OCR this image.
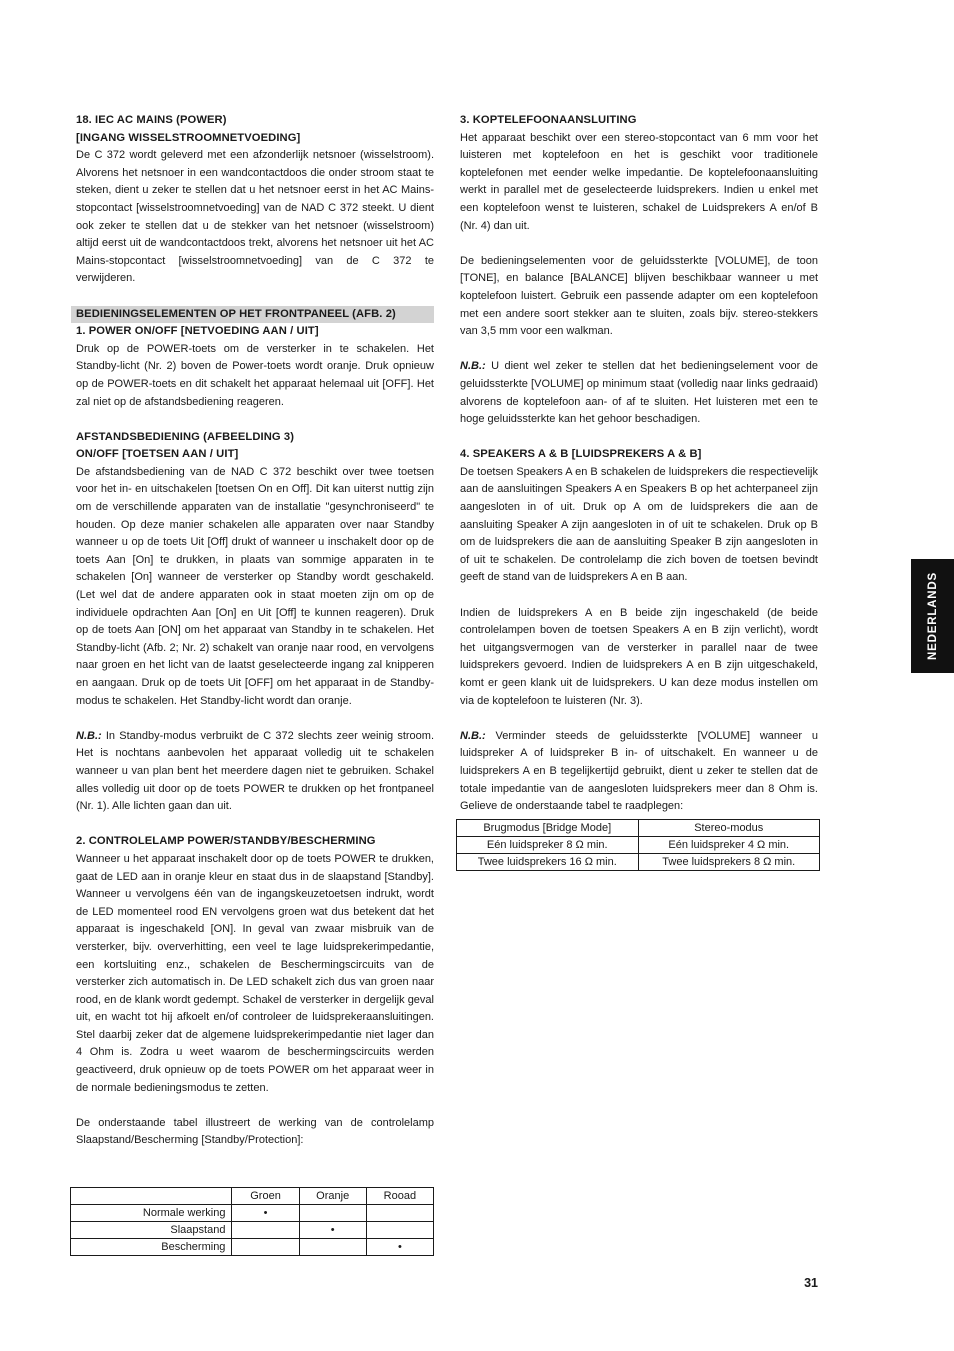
18. IEC AC MAINS (POWER)
[INGANG WISSELSTROOMNETVOEDING]

De C 372 wordt geleverd met een afzonderlijk netsnoer (wisselstroom). Alvorens het netsnoer in een wandcontactdoos die onder stroom staat te steken, dient u zeker te stellen dat u het netsnoer eerst in het AC Mains-stopcontact [wisselstroomnetvoeding] van de NAD C 372 steekt. U dient ook zeker te stellen dat u de stekker van het netsnoer (wisselstroom) altijd eerst uit de wandcontactdoos trekt, alvorens het netsnoer uit het AC Mains-stopcontact [wisselstroomnetvoeding] van de C 372 te verwijderen.

BEDIENINGSELEMENTEN OP HET FRONTPANEEL (AFB. 2)
1. POWER ON/OFF [NETVOEDING AAN / UIT]

Druk op de POWER-toets om de versterker in te schakelen. Het Standby-licht (Nr. 2) boven de Power-toets wordt oranje. Druk opnieuw op de POWER-toets en dit schakelt het apparaat helemaal uit [OFF]. Het zal niet op de afstandsbediening reageren.

AFSTANDSBEDIENING (AFBEELDING 3)
ON/OFF [TOETSEN AAN / UIT]

De afstandsbediening van de NAD C 372 beschikt over twee toetsen voor het in- en uitschakelen [toetsen On en Off]. Dit kan uiterst nuttig zijn om de verschillende apparaten van de installatie "gesynchroniseerd" te houden. Op deze manier schakelen alle apparaten over naar Standby wanneer u op de toets Uit [Off] drukt of wanneer u inschakelt door op de toets Aan [On] te drukken, in plaats van sommige apparaten in te schakelen [On] wanneer de versterker op Standby wordt geschakeld. (Let wel dat de andere apparaten ook in staat moeten zijn om op de individuele opdrachten Aan [On] en Uit [Off] te kunnen reageren). Druk op de toets Aan [ON] om het apparaat van Standby in te schakelen. Het Standby-licht (Afb. 2; Nr. 2) schakelt van oranje naar rood, en vervolgens naar groen en het licht van de laatst geselecteerde ingang zal knipperen en aangaan. Druk op de toets Uit [OFF] om het apparaat in de Standby-modus te schakelen. Het Standby-licht wordt dan oranje.

N.B.: In Standby-modus verbruikt de C 372 slechts zeer weinig stroom. Het is nochtans aanbevolen het apparaat volledig uit te schakelen wanneer u van plan bent het meerdere dagen niet te gebruiken. Schakel alles volledig uit door op de toets POWER te drukken op het frontpaneel (Nr. 1). Alle lichten gaan dan uit.

2. CONTROLELAMP POWER/STANDBY/BESCHERMING

Wanneer u het apparaat inschakelt door op de toets POWER te drukken, gaat de LED aan in oranje kleur en staat dus in de slaapstand [Standby]. Wanneer u vervolgens één van de ingangskeuzetoetsen indrukt, wordt de LED momenteel rood EN vervolgens groen wat dus betekent dat het apparaat is ingeschakeld [ON]. In geval van zwaar misbruik van de versterker, bijv. oververhitting, een veel te lage luidsprekerimpedantie, een kortsluiting enz., schakelen de Beschermingscircuits van de versterker zich automatisch in. De LED schakelt zich dus van groen naar rood, en de klank wordt gedempt. Schakel de versterker in dergelijk geval uit, en wacht tot hij afkoelt en/of controleer de luidsprekeraansluitingen. Stel daarbij zeker dat de algemene luidsprekerimpedantie niet lager dan 4 Ohm is. Zodra u weet waarom de beschermingscircuits werden geactiveerd, druk opnieuw op de toets POWER om het apparaat weer in de normale bedieningsmodus te zetten.

De onderstaande tabel illustreert de werking van de controlelamp Slaapstand/Bescherming [Standby/Protection]:

	Groen	Oranje	Rooad
Normale werking	•		
Slaapstand		•	
Bescherming			•
3. KOPTELEFOONAANSLUITING

Het apparaat beschikt over een stereo-stopcontact van 6 mm voor het luisteren met koptelefoon en het is geschikt voor traditionele koptelefonen met eender welke impedantie. De koptelefoonaansluiting werkt in parallel met de geselecteerde luidsprekers. Indien u enkel met een koptelefoon wenst te luisteren, schakel de Luidsprekers A en/of B (Nr. 4) dan uit.

De bedieningselementen voor de geluidssterkte [VOLUME], de toon [TONE], en balance [BALANCE] blijven beschikbaar wanneer u met koptelefoon luistert. Gebruik een passende adapter om een koptelefoon met een andere soort stekker aan te sluiten, zoals bijv. stereo-stekkers van 3,5 mm voor een walkman.

N.B.: U dient wel zeker te stellen dat het bedieningselement voor de geluidssterkte [VOLUME] op minimum staat (volledig naar links gedraaid) alvorens de koptelefoon aan- of af te sluiten. Het luisteren met een te hoge geluidssterkte kan het gehoor beschadigen.

4. SPEAKERS A & B [LUIDSPREKERS A & B]

De toetsen Speakers A en B schakelen de luidsprekers die respectievelijk aan de aansluitingen Speakers A en Speakers B op het achterpaneel zijn aangesloten in of uit. Druk op A om de luidsprekers die aan de aansluiting Speaker A zijn aangesloten in of uit te schakelen. Druk op B om de luidsprekers die aan de aansluiting Speaker B zijn aangesloten in of uit te schakelen. De controlelamp die zich boven de toetsen bevindt geeft de stand van de luidsprekers A en B aan.

Indien de luidsprekers A en B beide zijn ingeschakeld (de beide controlelampen boven de toetsen Speakers A en B zijn verlicht), wordt het uitgangsvermogen van de versterker in parallel naar de twee luidsprekers gevoerd. Indien de luidsprekers A en B zijn uitgeschakeld, komt er geen klank uit de luidsprekers. U kan deze modus instellen om via de koptelefoon te luisteren (Nr. 3).

N.B.: Verminder steeds de geluidssterkte [VOLUME] wanneer u luidspreker A of luidspreker B in- of uitschakelt. En wanneer u de luidsprekers A en B tegelijkertijd gebruikt, dient u zeker te stellen dat de totale impedantie van de aangesloten luidsprekers meer dan 8 Ohm is. Gelieve de onderstaande tabel te raadplegen:

Brugmodus [Bridge Mode]	Stereo-modus
Eén luidspreker 8 Ω min.	Eén luidspreker 4 Ω min.
Twee luidsprekers 16 Ω min.	Twee luidsprekers 8 Ω min.
NEDERLANDS
31
